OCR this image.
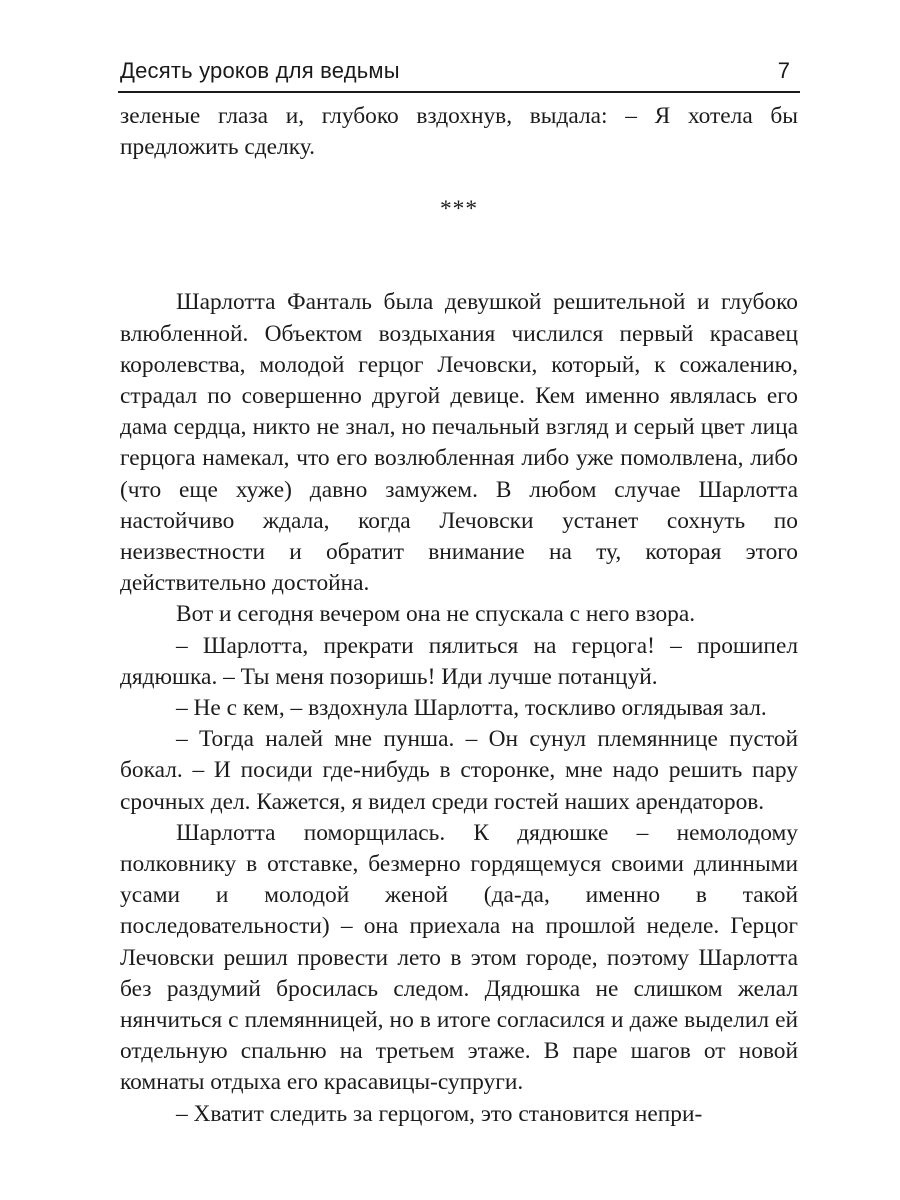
Десять уроков для ведьмы	7

зеленые глаза и, глубоко вздохнув, выдала: – Я хотела бы предложить сделку.

***

Шарлотта Фанталь была девушкой решительной и глубоко влюбленной. Объектом воздыхания числился первый красавец королевства, молодой герцог Лечовски, который, к сожалению, страдал по совершенно другой девице. Кем именно являлась его дама сердца, никто не знал, но печальный взгляд и серый цвет лица герцога намекал, что его возлюбленная либо уже помолвлена, либо (что еще хуже) давно замужем. В любом случае Шарлотта настойчиво ждала, когда Лечовски устанет сохнуть по неизвестности и обратит внимание на ту, которая этого действительно достойна.

Вот и сегодня вечером она не спускала с него взора.

– Шарлотта, прекрати пялиться на герцога! – прошипел дядюшка. – Ты меня позоришь! Иди лучше потанцуй.

– Не с кем, – вздохнула Шарлотта, тоскливо оглядывая зал.

– Тогда налей мне пунша. – Он сунул племяннице пустой бокал. – И посиди где-нибудь в сторонке, мне надо решить пару срочных дел. Кажется, я видел среди гостей наших арендаторов.

Шарлотта поморщилась. К дядюшке – немолодому полковнику в отставке, безмерно гордящемуся своими длинными усами и молодой женой (да-да, именно в такой последовательности) – она приехала на прошлой неделе. Герцог Лечовски решил провести лето в этом городе, поэтому Шарлотта без раздумий бросилась следом. Дядюшка не слишком желал нянчиться с племянницей, но в итоге согласился и даже выделил ей отдельную спальню на третьем этаже. В паре шагов от новой комнаты отдыха его красавицы-супруги.

– Хватит следить за герцогом, это становится непри-
